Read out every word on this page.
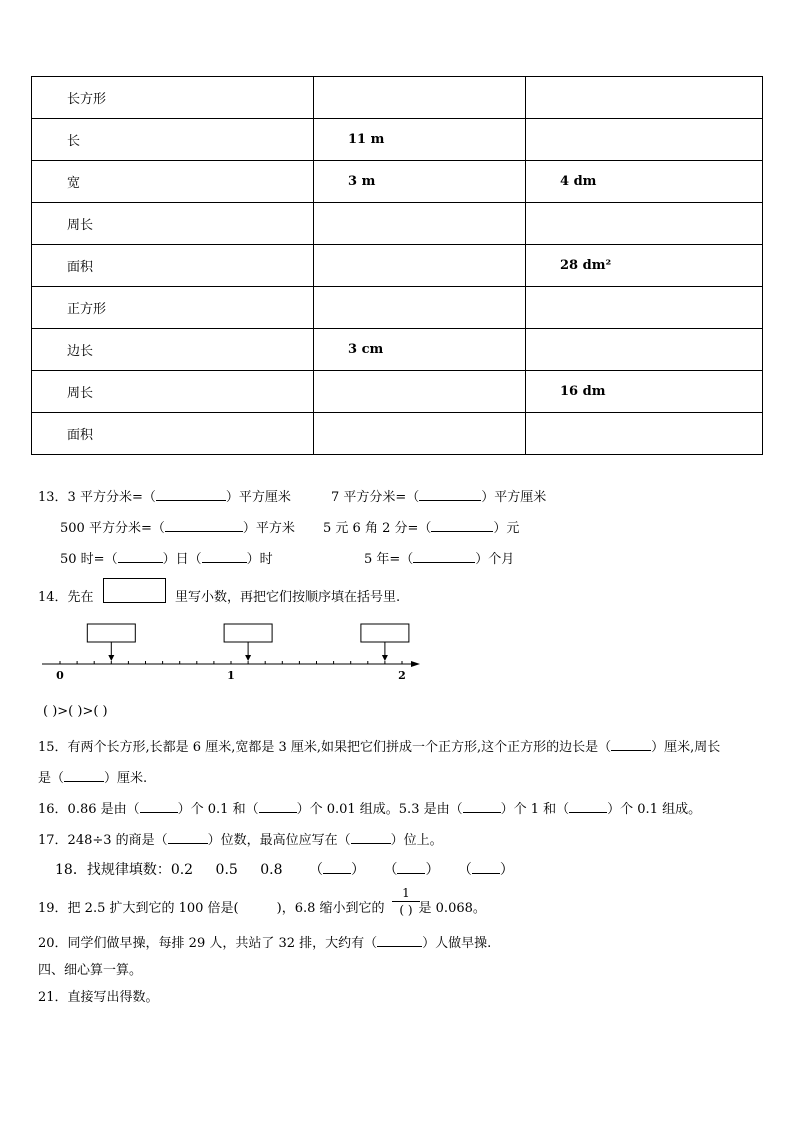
长方形		
长	11 m	
宽	3 m	4 dm
周长		
面积		28 dm²
正方形		
边长	3 cm	
周长		16 dm
面积		
13．3 平方分米=（	）平方厘米	7 平方分米=（	）平方厘米
500 平方分米=（	）平方米 5 元 6 角 2 分=（	）元
50 时=（	）日（	）时	5 年=（	）个月
14．先在	里写小数，再把它们按顺序填在括号里.
0	1	2
( )>( )>( )
15．有两个长方形,长都是 6 厘米,宽都是 3 厘米,如果把它们拼成一个正方形,这个正方形的边长是（	）厘米,周长
是（	）厘米.
16．0.86 是由（	）个 0.1 和（	）个 0.01 组成。5.3 是由（	）个 1 和（	）个 0.1 组成。
17．248÷3 的商是（	）位数，最高位应写在（	）位上。
18．找规律填数：0.2 0.5 0.8 （ ） （ ） （ ）
19．把 2.5 扩大到它的 100 倍是(	)，6.8 缩小到它的	是 0.068。
1
( )
20．同学们做早操，每排 29 人，共站了 32 排，大约有（	）人做早操.
四、细心算一算。
21．直接写出得数。
